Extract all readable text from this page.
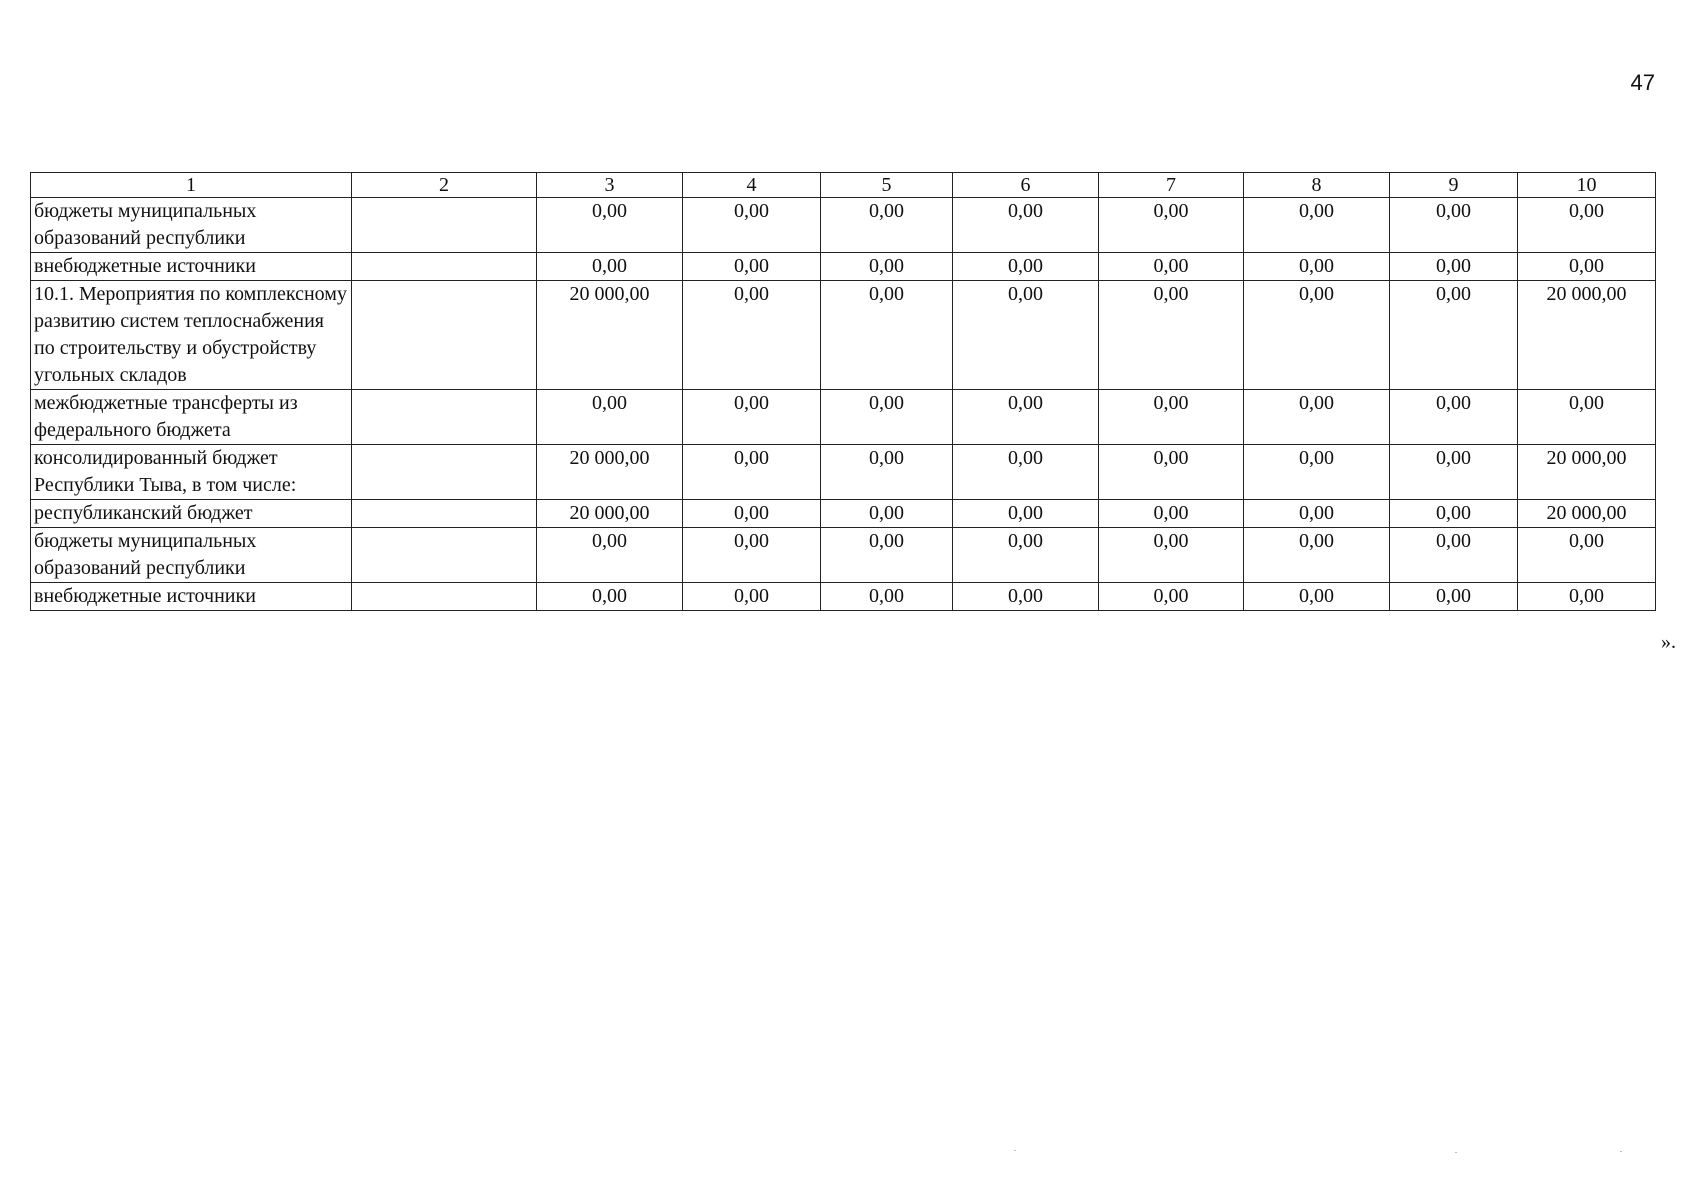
47
1	2	3	4	5	6	7	8	9	10
бюджеты муниципальных образований республики		0,00	0,00	0,00	0,00	0,00	0,00	0,00	0,00
внебюджетные источники		0,00	0,00	0,00	0,00	0,00	0,00	0,00	0,00
10.1. Мероприятия по комплексному развитию систем теплоснабжения по строительству и обустройству угольных складов		20 000,00	0,00	0,00	0,00	0,00	0,00	0,00	20 000,00
межбюджетные трансферты из федерального бюджета		0,00	0,00	0,00	0,00	0,00	0,00	0,00	0,00
консолидированный бюджет Республики Тыва, в том числе:		20 000,00	0,00	0,00	0,00	0,00	0,00	0,00	20 000,00
республиканский бюджет		20 000,00	0,00	0,00	0,00	0,00	0,00	0,00	20 000,00
бюджеты муниципальных образований республики		0,00	0,00	0,00	0,00	0,00	0,00	0,00	0,00
внебюджетные источники		0,00	0,00	0,00	0,00	0,00	0,00	0,00	0,00
».
